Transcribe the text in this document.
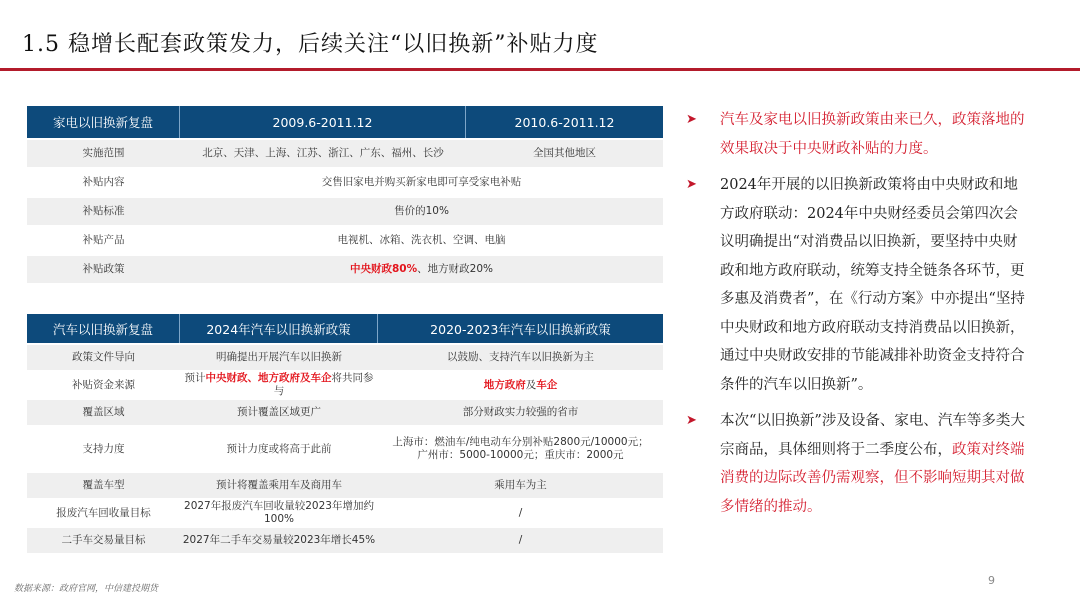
1.5 稳增长配套政策发力，后续关注“以旧换新”补贴力度
家电以旧换新复盘	2009.6-2011.12	2010.6-2011.12
实施范围	北京、天津、上海、江苏、浙江、广东、福州、长沙	全国其他地区
补贴内容	交售旧家电并购买新家电即可享受家电补贴	
补贴标准	售价的10%	
补贴产品	电视机、冰箱、洗衣机、空调、电脑	
补贴政策	中央财政80%、地方财政20%	
汽车以旧换新复盘	2024年汽车以旧换新政策	2020-2023年汽车以旧换新政策
政策文件导向	明确提出开展汽车以旧换新	以鼓励、支持汽车以旧换新为主
补贴资金来源	预计中央财政、地方政府及车企将共同参与	地方政府及车企
覆盖区域	预计覆盖区域更广	部分财政实力较强的省市
支持力度	预计力度或将高于此前	上海市：燃油车/纯电动车分别补贴2800元/10000元；
广州市：5000-10000元；重庆市：2000元

覆盖车型	预计将覆盖乘用车及商用车	乘用车为主
报废汽车回收量目标	2027年报废汽车回收量较2023年增加约100%	/
二手车交易量目标	2027年二手车交易量较2023年增长45%	/
➤ 汽车及家电以旧换新政策由来已久，政策落地的效果取决于中央财政补贴的力度。
➤ 2024年开展的以旧换新政策将由中央财政和地方政府联动：2024年中央财经委员会第四次会议明确提出“对消费品以旧换新，要坚持中央财政和地方政府联动，统筹支持全链条各环节，更多惠及消费者”，在《行动方案》中亦提出“坚持中央财政和地方政府联动支持消费品以旧换新，通过中央财政安排的节能减排补助资金支持符合条件的汽车以旧换新”。
➤ 本次“以旧换新”涉及设备、家电、汽车等多类大宗商品，具体细则将于二季度公布，政策对终端消费的边际改善仍需观察，但不影响短期其对做多情绪的推动。
数据来源：政府官网，中信建投期货
9
